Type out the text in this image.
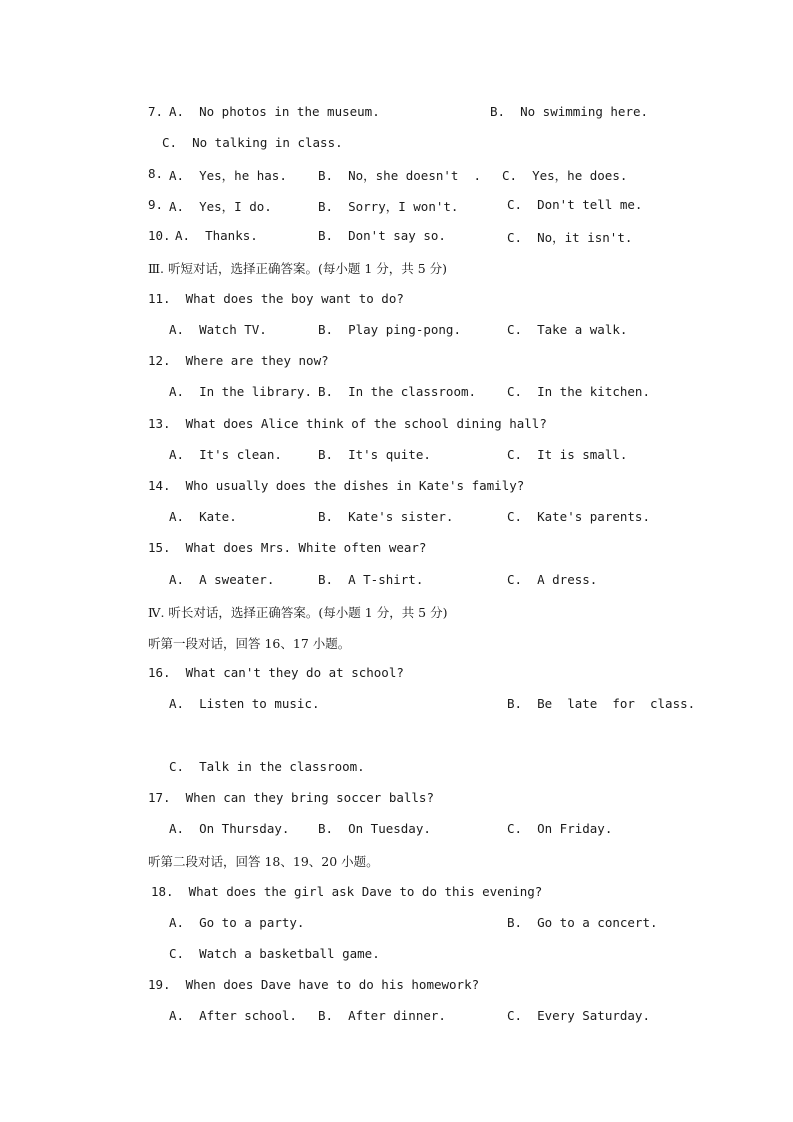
7. A.  No photos in the museum.	B.  No swimming here.
C.  No talking in class.
8. A.  Yes，he has. B.  No，she doesn't  . C.  Yes，he does.
9. A.  Yes，I do.	B.  Sorry，I won't.	C.  Don't tell me.
10. A.  Thanks.	B.  Don't say so.	C.  No，it isn't.
Ⅲ. 听短对话，选择正确答案。(每小题 1 分，共 5 分)
11.  What does the boy want to do?
A.  Watch TV.	B.  Play ping-pong.	C.  Take a walk.
12.  Where are they now?
A.  In the library. B.  In the classroom. C.  In the kitchen.
13.  What does Alice think of the school dining hall?
A.  It's clean.	B.  It's quite.	C.  It is small.
14.  Who usually does the dishes in Kate's family?
A.  Kate.	B.  Kate's sister.	C.  Kate's parents.
15.  What does Mrs. White often wear?
A.  A sweater.	B.  A T-shirt.	C.  A dress.
Ⅳ. 听长对话，选择正确答案。(每小题 1 分，共 5 分)
听第一段对话，回答 16、17 小题。
16.  What can't they do at school?
A.  Listen to music.	B.  Be  late  for  class.
C.  Talk in the classroom.
17.  When can they bring soccer balls?
A.  On Thursday. B.  On Tuesday.	C.  On Friday.
听第二段对话，回答 18、19、20 小题。
18.  What does the girl ask Dave to do this evening?
A.  Go to a party.	B.  Go to a concert.
C.  Watch a basketball game.
19.  When does Dave have to do his homework?
A.  After school. B.  After dinner.	C.  Every Saturday.
